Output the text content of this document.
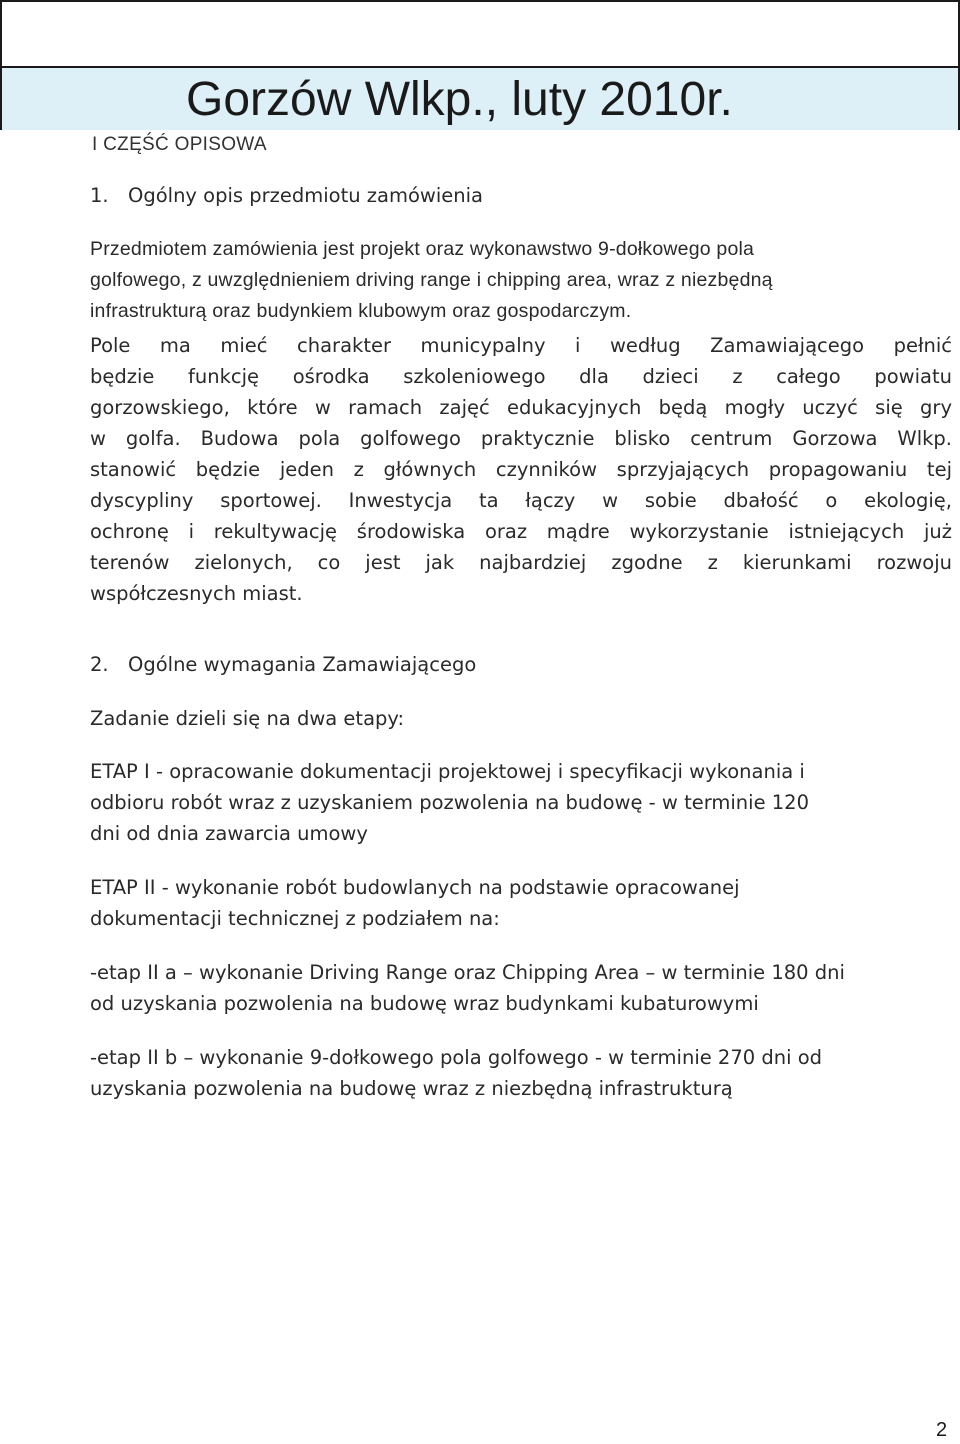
Gorzów Wlkp., luty 2010r.
I CZĘŚĆ OPISOWA
1. Ogólny opis przedmiotu zamówienia
Przedmiotem zamówienia jest projekt oraz wykonawstwo 9-dołkowego pola
golfowego, z uwzględnieniem driving range i chipping area, wraz z niezbędną
infrastrukturą oraz budynkiem klubowym oraz gospodarczym.
Pole ma mieć charakter municypalny i według Zamawiającego pełnić
będzie funkcję ośrodka szkoleniowego dla dzieci z całego powiatu
gorzowskiego, które w ramach zajęć edukacyjnych będą mogły uczyć się gry
w golfa. Budowa pola golfowego praktycznie blisko centrum Gorzowa Wlkp.
stanowić będzie jeden z głównych czynników sprzyjających propagowaniu tej
dyscypliny sportowej. Inwestycja ta łączy w sobie dbałość o ekologię,
ochronę i rekultywację środowiska oraz mądre wykorzystanie istniejących już
terenów zielonych, co jest jak najbardziej zgodne z kierunkami rozwoju
współczesnych miast.
2. Ogólne wymagania Zamawiającego
Zadanie dzieli się na dwa etapy:
ETAP I - opracowanie dokumentacji projektowej i specyfikacji wykonania i
odbioru robót wraz z uzyskaniem pozwolenia na budowę - w terminie 120
dni od dnia zawarcia umowy
ETAP II - wykonanie robót budowlanych na podstawie opracowanej
dokumentacji technicznej z podziałem na:
-etap II a – wykonanie Driving Range oraz Chipping Area – w terminie 180 dni
od uzyskania pozwolenia na budowę wraz budynkami kubaturowymi
-etap II b – wykonanie 9-dołkowego pola golfowego - w terminie 270 dni od
uzyskania pozwolenia na budowę wraz z niezbędną infrastrukturą
2
